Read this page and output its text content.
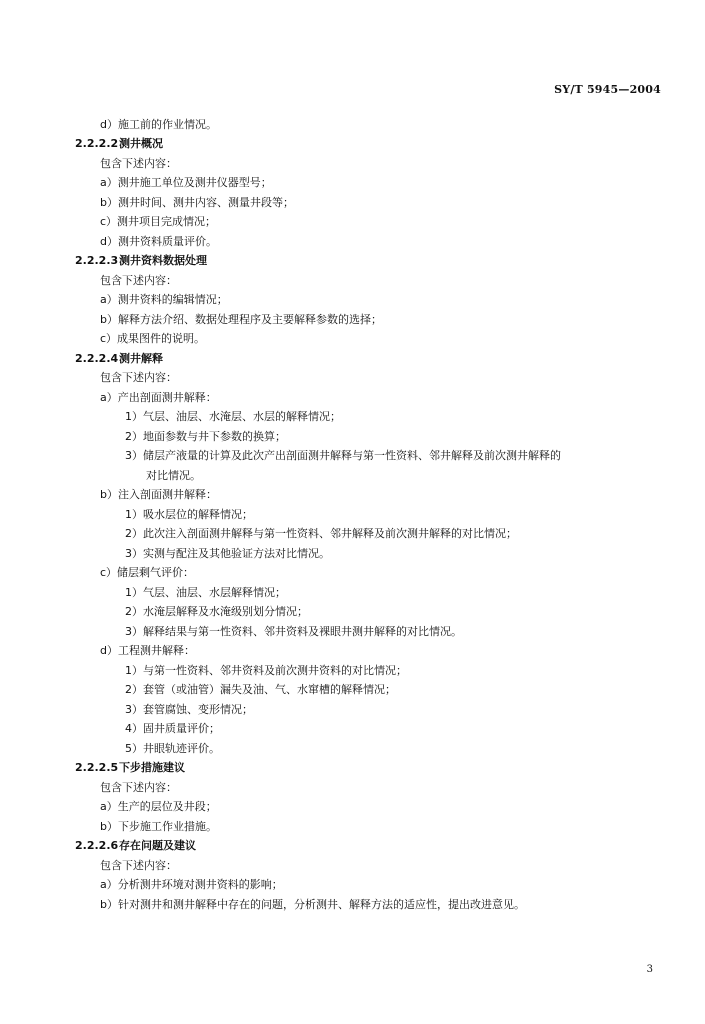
SY/T 5945—2004
d）施工前的作业情况。
2.2.2.2测井概况
包含下述内容：
a）测井施工单位及测井仪器型号；
b）测井时间、测井内容、测量井段等；
c）测井项目完成情况；
d）测井资料质量评价。
2.2.2.3测井资料数据处理
包含下述内容：
a）测井资料的编辑情况；
b）解释方法介绍、数据处理程序及主要解释参数的选择；
c）成果图件的说明。
2.2.2.4测井解释
包含下述内容：
a）产出剖面测井解释：
1）气层、油层、水淹层、水层的解释情况；
2）地面参数与井下参数的换算；
3）储层产液量的计算及此次产出剖面测井解释与第一性资料、邻井解释及前次测井解释的
对比情况。
b）注入剖面测井解释：
1）吸水层位的解释情况；
2）此次注入剖面测井解释与第一性资料、邻井解释及前次测井解释的对比情况；
3）实测与配注及其他验证方法对比情况。
c）储层剩气评价：
1）气层、油层、水层解释情况；
2）水淹层解释及水淹级别划分情况；
3）解释结果与第一性资料、邻井资料及裸眼井测井解释的对比情况。
d）工程测井解释：
1）与第一性资料、邻井资料及前次测井资料的对比情况；
2）套管（或油管）漏失及油、气、水窜槽的解释情况；
3）套管腐蚀、变形情况；
4）固井质量评价；
5）井眼轨迹评价。
2.2.2.5下步措施建议
包含下述内容：
a）生产的层位及井段；
b）下步施工作业措施。
2.2.2.6存在问题及建议
包含下述内容：
a）分析测井环境对测井资料的影响；
b）针对测井和测井解释中存在的问题，分析测井、解释方法的适应性，提出改进意见。
3
